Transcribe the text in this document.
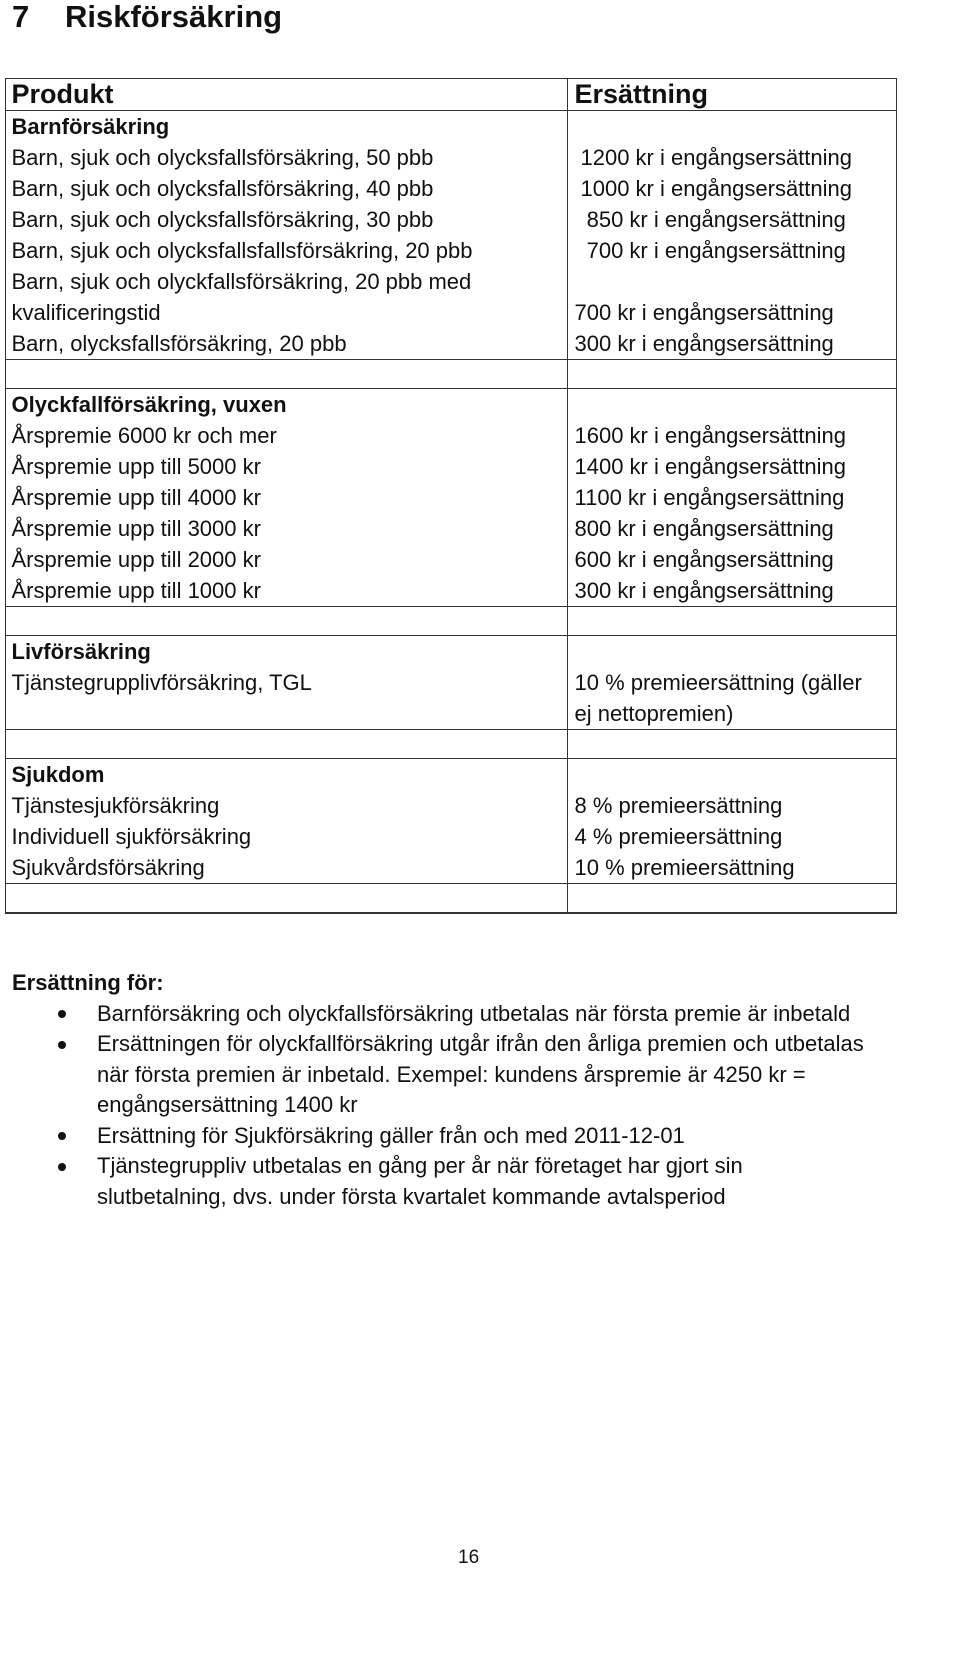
7 Riskförsäkring
Produkt	Ersättning
Barnförsäkring
Barn, sjuk och olycksfallsförsäkring, 50 pbb	1200 kr i engångsersättning
Barn, sjuk och olycksfallsförsäkring, 40 pbb	1000 kr i engångsersättning
Barn, sjuk och olycksfallsförsäkring, 30 pbb	850 kr i engångsersättning
Barn, sjuk och olycksfallsfallsförsäkring, 20 pbb	700 kr i engångsersättning
Barn, sjuk och olyckfallsförsäkring, 20 pbb med
kvalificeringstid	700 kr i engångsersättning
Barn, olycksfallsförsäkring, 20 pbb	300 kr i engångsersättning
Olyckfallförsäkring, vuxen
Årspremie 6000 kr och mer	1600 kr i engångsersättning
Årspremie upp till 5000 kr	1400 kr i engångsersättning
Årspremie upp till 4000 kr	1100 kr i engångsersättning
Årspremie upp till 3000 kr	800 kr i engångsersättning
Årspremie upp till 2000 kr	600 kr i engångsersättning
Årspremie upp till 1000 kr	300 kr i engångsersättning
Livförsäkring
Tjänstegrupplivförsäkring, TGL	10 % premieersättning (gäller
ej nettopremien)
Sjukdom
Tjänstesjukförsäkring	8 % premieersättning
Individuell sjukförsäkring	4 % premieersättning
Sjukvårdsförsäkring	10 % premieersättning
Ersättning för:
Barnförsäkring och olyckfallsförsäkring utbetalas när första premie är inbetald
Ersättningen för olyckfallförsäkring utgår ifrån den årliga premien och utbetalas
när första premien är inbetald. Exempel: kundens årspremie är 4250 kr =
engångsersättning 1400 kr
Ersättning för Sjukförsäkring gäller från och med 2011-12-01
Tjänstegruppliv utbetalas en gång per år när företaget har gjort sin
slutbetalning, dvs. under första kvartalet kommande avtalsperiod
16
